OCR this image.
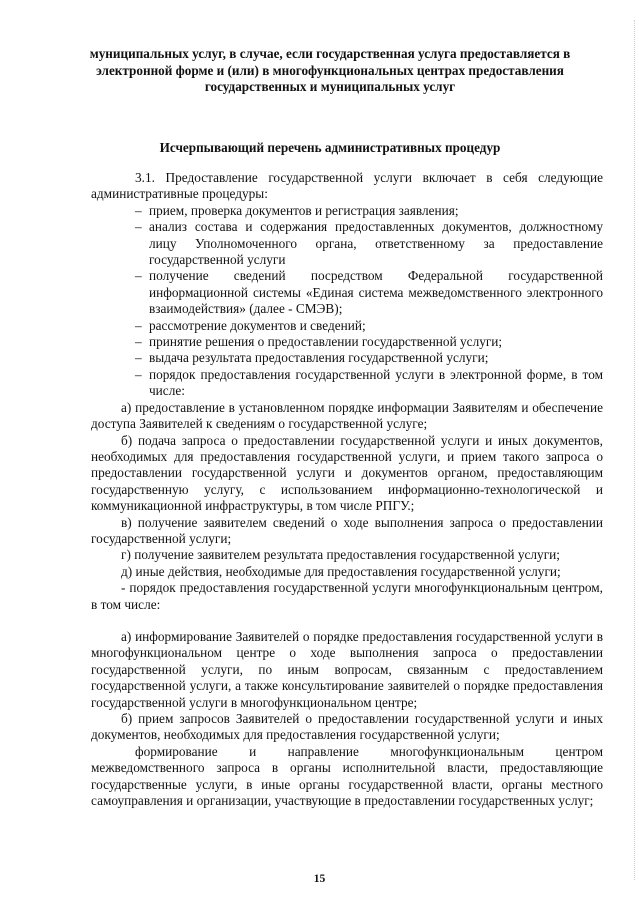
муниципальных услуг, в случае, если государственная услуга предоставляется в электронной форме и (или) в многофункциональных центрах предоставления государственных и муниципальных услуг
Исчерпывающий перечень административных процедур

3.1. Предоставление государственной услуги включает в себя следующие административные процедуры:

– прием, проверка документов и регистрация заявления;
– анализ состава и содержания предоставленных документов, должностному лицу Уполномоченного органа, ответственному за предоставление государственной услуги
– получение сведений посредством Федеральной государственной информационной системы «Единая система межведомственного электронного взаимодействия» (далее - СМЭВ);
– рассмотрение документов и сведений;
– принятие решения о предоставлении государственной услуги;
– выдача результата предоставления государственной услуги;
– порядок предоставления государственной услуги в электронной форме, в том числе:

а) предоставление в установленном порядке информации Заявителям и обеспечение доступа Заявителей к сведениям о государственной услуге;

б) подача запроса о предоставлении государственной услуги и иных документов, необходимых для предоставления государственной услуги, и прием такого запроса о предоставлении государственной услуги и документов органом, предоставляющим государственную услугу, с использованием информационно-технологической и коммуникационной инфраструктуры, в том числе РПГУ.;

в) получение заявителем сведений о ходе выполнения запроса о предоставлении государственной услуги;

г) получение заявителем результата предоставления государственной услуги;

д) иные действия, необходимые для предоставления государственной услуги;

- порядок предоставления государственной услуги многофункциональным центром, в том числе:

а) информирование Заявителей о порядке предоставления государственной услуги в многофункциональном центре о ходе выполнения запроса о предоставлении государственной услуги, по иным вопросам, связанным с предоставлением государственной услуги, а также консультирование заявителей о порядке предоставления государственной услуги в многофункциональном центре;

б) прием запросов Заявителей о предоставлении государственной услуги и иных документов, необходимых для предоставления государственной услуги;

формирование и направление многофункциональным центром межведомственного запроса в органы исполнительной власти, предоставляющие государственные услуги, в иные органы государственной власти, органы местного самоуправления и организации, участвующие в предоставлении государственных услуг;

15
